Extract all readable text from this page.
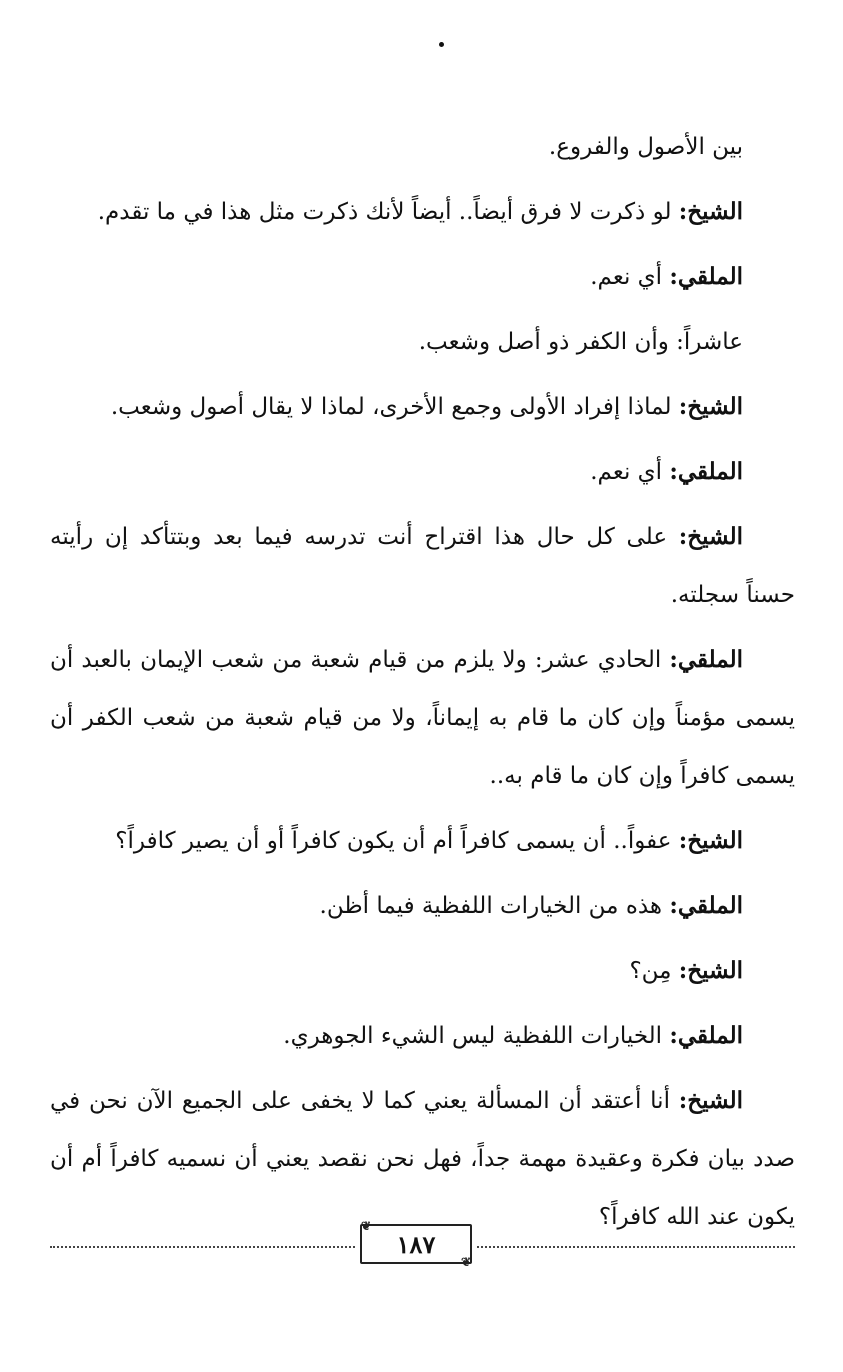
بين الأصول والفروع.

الشيخ: لو ذكرت لا فرق أيضاً.. أيضاً لأنك ذكرت مثل هذا في ما تقدم.

الملقي: أي نعم.

عاشراً: وأن الكفر ذو أصل وشعب.

الشيخ: لماذا إفراد الأولى وجمع الأخرى، لماذا لا يقال أصول وشعب.

الملقي: أي نعم.

الشيخ: على كل حال هذا اقتراح أنت تدرسه فيما بعد وبتتأكد إن رأيته حسناً سجلته.

الملقي: الحادي عشر: ولا يلزم من قيام شعبة من شعب الإيمان بالعبد أن يسمى مؤمناً وإن كان ما قام به إيماناً، ولا من قيام شعبة من شعب الكفر أن يسمى كافراً وإن كان ما قام به..

الشيخ: عفواً.. أن يسمى كافراً أم أن يكون كافراً أو أن يصير كافراً؟

الملقي: هذه من الخيارات اللفظية فيما أظن.

الشيخ: مِن؟

الملقي: الخيارات اللفظية ليس الشيء الجوهري.

الشيخ: أنا أعتقد أن المسألة يعني كما لا يخفى على الجميع الآن نحن في صدد بيان فكرة وعقيدة مهمة جداً، فهل نحن نقصد يعني أن نسميه كافراً أم أن يكون عند الله كافراً؟

❦
١٨٧
❦
